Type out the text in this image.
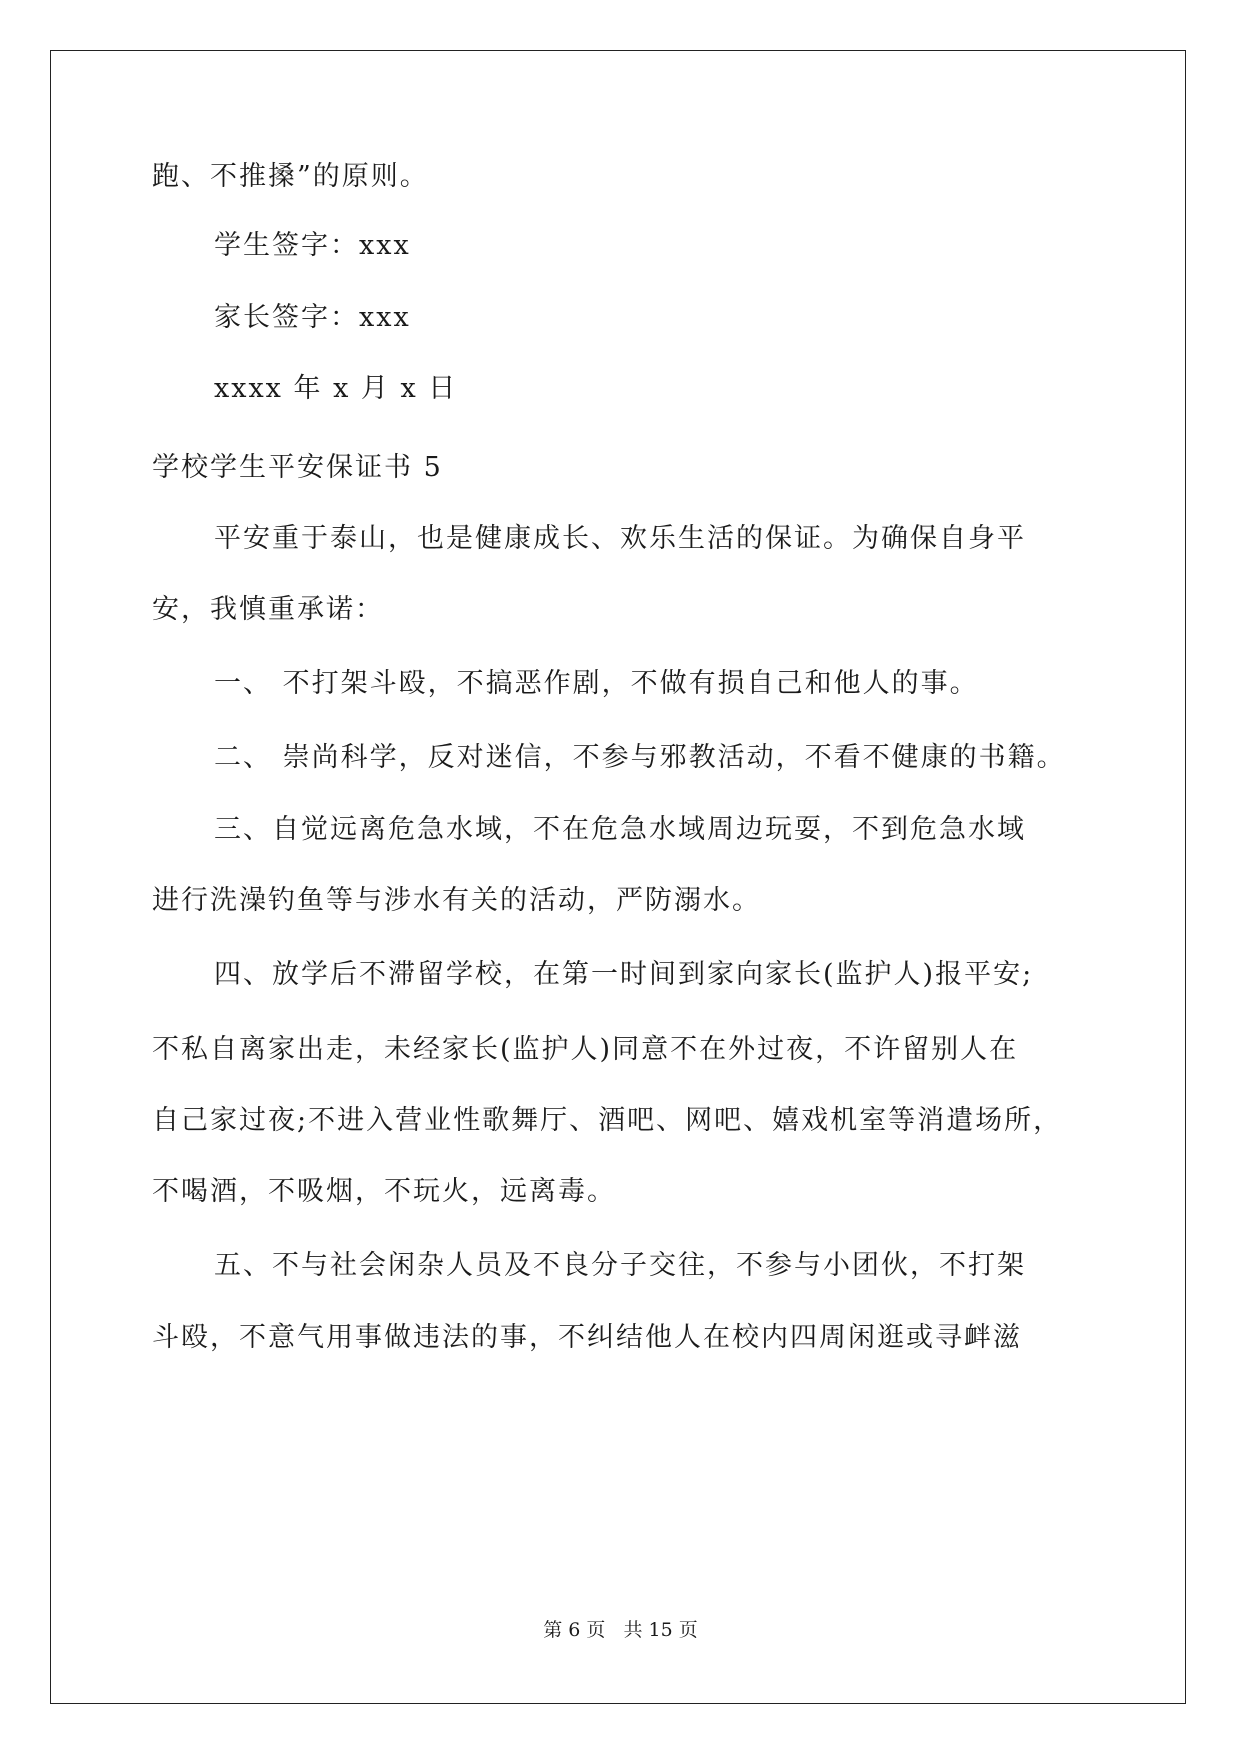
跑、不推搡”的原则。
学生签字：xxx
家长签字：xxx
xxxx 年 x 月 x 日
学校学生平安保证书 5
平安重于泰山，也是健康成长、欢乐生活的保证。为确保自身平
安，我慎重承诺：
一、 不打架斗殴，不搞恶作剧，不做有损自己和他人的事。
二、 崇尚科学，反对迷信，不参与邪教活动，不看不健康的书籍。
三、自觉远离危急水域，不在危急水域周边玩耍，不到危急水域
进行洗澡钓鱼等与涉水有关的活动，严防溺水。
四、放学后不滞留学校，在第一时间到家向家长(监护人)报平安;
不私自离家出走，未经家长(监护人)同意不在外过夜，不许留别人在
自己家过夜;不进入营业性歌舞厅、酒吧、网吧、嬉戏机室等消遣场所，
不喝酒，不吸烟，不玩火，远离毒。
五、不与社会闲杂人员及不良分子交往，不参与小团伙，不打架
斗殴，不意气用事做违法的事，不纠结他人在校内四周闲逛或寻衅滋
第 6 页   共 15 页
